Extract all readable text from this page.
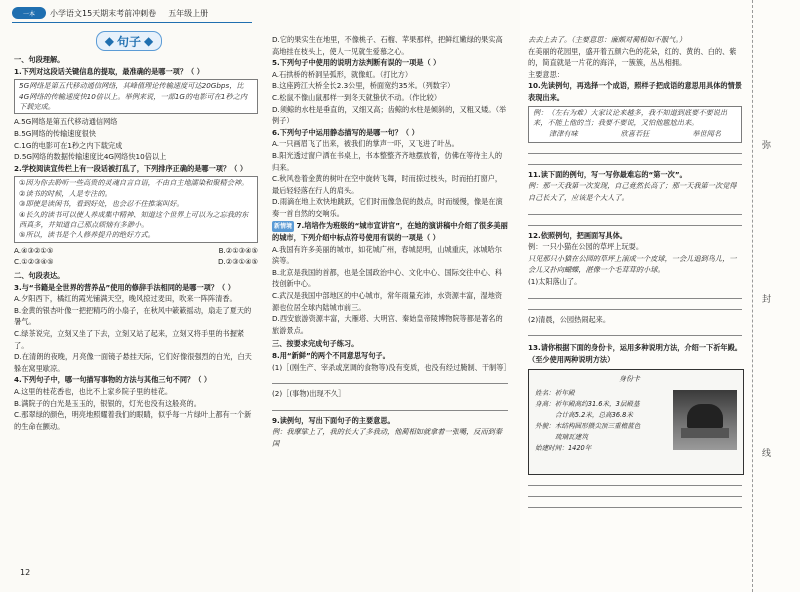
一本	小学语文15天期末考前冲刺卷 五年级上册
◆ 句子 ◆

一、句段理解。

1.下列对这段话关键信息的提取，最准确的是哪一项？（ ）

5G网络是第五代移动通信网络，其峰值理论传输速度可达20Gbps，比4G网络的传输速度快10倍以上。举例来说，一部1G的电影可在1秒之内下载完成。

A.5G网络是第五代移动通信网络

B.5G网络的传输速度很快

C.1G的电影可在1秒之内下载完成

D.5G网络的数据传输速度比4G网络快10倍以上

2.学校阅读宣传栏上有一段话被打乱了，下列排序正确的是哪一项？（ ）

①因为你去聆听一些高贵的灵魂自言自语，不由自主地濡染和聚精会神。
②读书的时候，人是专注的。
③即使是读闲书，看到好处，也会忍不住推案叫好。
④长久的读书可以使人养成集中精神、知道这个世界上可以为之忘我的东西真多，并知道自己那点烦恼有多渺小。
⑤所以，读书是个人修养提升的绝好方式。
A.④③②①⑤	B.②①③④⑤
C.①②③④⑤	D.②③①④⑤

二、句段表达。

3.与“书籍是全世界的营养品”使用的修辞手法相同的是哪一项？（ ）

A.夕阳西下，橘红的霞光铺满天空，晚风掠过麦田，吹来一阵阵清香。

B.金黄的银杏叶像一把把精巧的小扇子，在秋风中簌簌摇动，扇走了夏天的暑气。

C.绿茶说完，立刻又坐了下去，立刻又站了起来，立刻又将手里的书握紧了。

D.在清朗的夜晚，月亮像一面镜子悬挂天际，它们好像很强烈的白光，白天躲在窝里歇凉。

4.下列句子中，哪一句描写事物的方法与其他三句不同？（ ）

A.这里的桂花香也，也比不上家乡院子里的桂花。

B.满院子的白光是玉玉的，银银的，灯光也没有这般亮的。

C.那翠绿的颜色，明亮地照耀着我们的眼睛，似乎每一片绿叶上都有一个新的生命在颤动。

D.它的果实生在地里，不像桃子、石榴、苹果那样，把鲜红嫩绿的果实高高地挂在枝头上，使人一见就生爱慕之心。

5.下列句子中使用的说明方法判断有误的一项是（ ）

A.石拱桥的桥洞呈弧形，就像虹。（打比方）

B.这座跨江大桥全长2.3公里，桥面宽约35米。（列数字）

C.松鼠不像山鼠那样一到冬天就蛰伏不动。（作比较）

D.须鲸的水柱是垂直的，又细又高；齿鲸的水柱是倾斜的，又粗又矮。（举例子）

6.下列句子中运用静态描写的是哪一句？（ ）

A.一只画眉飞了出来，被我们的掌声一吓，又飞进了叶丛。

B.阳光透过窗户洒在书桌上，书本整整齐齐地摆放着，仿佛在等待主人的归来。

C.秋风卷着金黄的树叶在空中旋转飞舞，时而掠过枝头，时而拍打窗户，最后轻轻落在行人的肩头。

D.雨滴在地上欢快地跳跃，它们时而像急促的鼓点，时而缓慢，像是在演奏一首自然的交响乐。

新情境 7.培培作为班级的“城市宣讲官”，在她的演讲稿中介绍了很多美丽的城市，下列介绍中标点符号使用有误的一项是（ ）

A.我国有许多美丽的城市，如花城广州，春城昆明，山城重庆，冰城哈尔滨等。

B.北京是我国的首都，也是全国政治中心、文化中心、国际交往中心、科技创新中心。

C.武汉是我国中部地区的中心城市，常年雨量充沛，水资源丰富，湿地资源也位居全球内陆城市前三。

D.西安旅游资源丰富，大雁塔、大明宫、秦始皇帝陵博物院等都是著名的旅游景点。

三、按要求完成句子练习。

8.用“新鲜”的两个不同意思写句子。

(1)［(刚生产、宰杀或烹调的食物等)没有变质，也没有经过腌制、干制等］

(2)［(事物)出现不久］

9.读例句，写出下面句子的主要意思。

例：我摩挲上了，我的长大了多我动，他蔺相如就拿着一张嘴，反而到秦国

去去上去了。（主要意思：廉颇对蔺相如不服气。）

在美丽的花园里，盛开着五颜六色的花朵，红的、黄的、白的、紫的，简直就是一片花的海洋，一簇簇，丛丛相拥。

主要意思：

10.先读例句，再选择一个成语，照样子把成语的意思用具体的情景表现出来。

例：（左右为难）大家议论来越多，我不知道到底要不要说出来，不能上他的当；我要不要说，又怕他尴尬出来。
津津有味	欣喜若狂	举世闻名

11.读下面的例句，写一写你最难忘的“第一次”。

例：那一天我第一次发现，自己竟然长高了；那一天我第一次觉得自己长大了，应该是个大人了。

12.依照例句，把画面写具体。

例：一只小猫在公园的草坪上玩耍。

只见那只小猫在公园的草坪上滚成一个皮球，一会儿追到鸟儿，一会儿又扑向蝴蝶，湛像一个毛茸茸的小球。

(1)太阳落山了。

(2)清晨，公园热闹起来。

13.请你根据下面的身份卡，运用多种说明方法，介绍一下祈年殿。（至少使用两种说明方法）

身份卡
姓名：祈年殿
身高：祈年殿高约31.6米，3层殿基
合计高5.2米，总高36.8米
外貌：木结构圆形攒尖顶三重檐蓝色
琉璃瓦建筑
始建时间：1420年
弥
封
线
12
